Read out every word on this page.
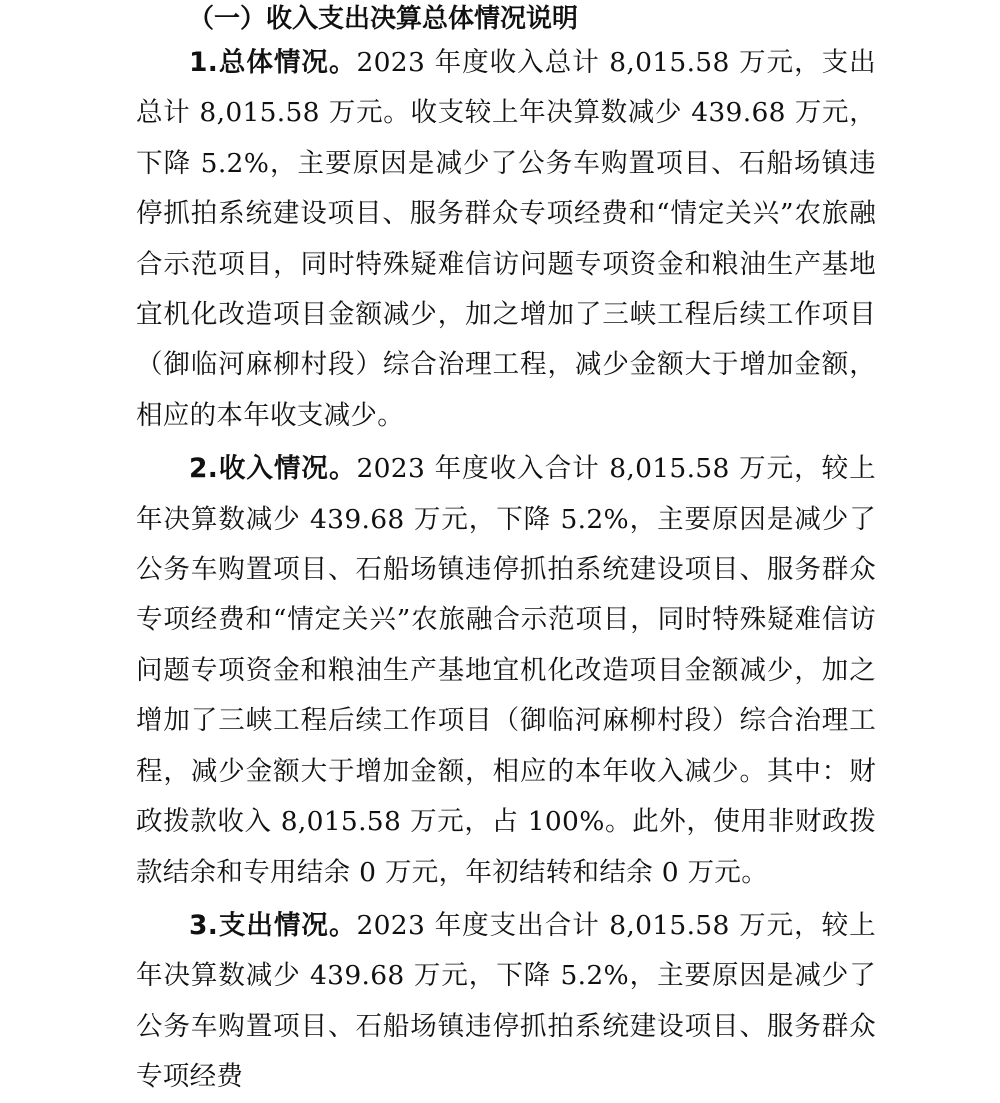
（一）收入支出决算总体情况说明

1.总体情况。2023 年度收入总计 8,015.58 万元，支出总计 8,015.58 万元。收支较上年决算数减少 439.68 万元，下降 5.2%，主要原因是减少了公务车购置项目、石船场镇违停抓拍系统建设项目、服务群众专项经费和“情定关兴”农旅融合示范项目，同时特殊疑难信访问题专项资金和粮油生产基地宜机化改造项目金额减少，加之增加了三峡工程后续工作项目（御临河麻柳村段）综合治理工程，减少金额大于增加金额，相应的本年收支减少。

2.收入情况。2023 年度收入合计 8,015.58 万元，较上年决算数减少 439.68 万元，下降 5.2%，主要原因是减少了公务车购置项目、石船场镇违停抓拍系统建设项目、服务群众专项经费和“情定关兴”农旅融合示范项目，同时特殊疑难信访问题专项资金和粮油生产基地宜机化改造项目金额减少，加之增加了三峡工程后续工作项目（御临河麻柳村段）综合治理工程，减少金额大于增加金额，相应的本年收入减少。其中：财政拨款收入 8,015.58 万元，占 100%。此外，使用非财政拨款结余和专用结余 0 万元，年初结转和结余 0 万元。

3.支出情况。2023 年度支出合计 8,015.58 万元，较上年决算数减少 439.68 万元，下降 5.2%，主要原因是减少了公务车购置项目、石船场镇违停抓拍系统建设项目、服务群众专项经费
